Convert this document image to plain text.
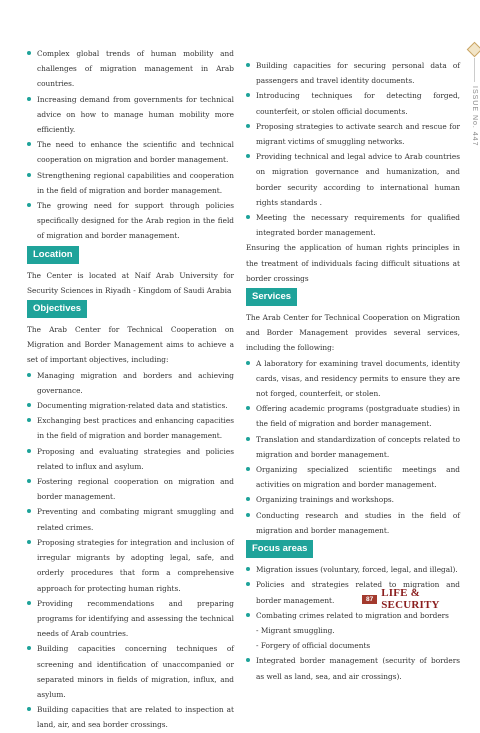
ISSUE No. 447
Complex global trends of human mobility and challenges of migration management in Arab countries.
Increasing demand from governments for technical advice on how to manage human mobility more efficiently.
The need to enhance the scientific and technical cooperation on migration and border management.
Strengthening regional capabilities and cooperation in the field of migration and border management.
The growing need for support through policies specifically designed for the Arab region in the field of migration and border management.
Location

The Center is located at Naif Arab University for Security Sciences in Riyadh - Kingdom of Saudi Arabia

Objectives

The Arab Center for Technical Cooperation on Migration and Border Management aims to achieve a set of important objectives, including:

Managing migration and borders and achieving governance.
Documenting migration-related data and statistics.
Exchanging best practices and enhancing capacities in the field of migration and border management.
Proposing and evaluating strategies and policies related to influx and asylum.
Fostering regional cooperation on migration and border management.
Preventing and combating migrant smuggling and related crimes.
Proposing strategies for integration and inclusion of irregular migrants by adopting legal, safe, and orderly procedures that form a comprehensive approach for protecting human rights.
Providing recommendations and preparing programs for identifying and assessing the technical needs of Arab countries.
Building capacities concerning techniques of screening and identification of unaccompanied or separated minors in fields of migration, influx, and asylum.
Building capacities that are related to inspection at land, air, and sea border crossings.
Building capacities for securing personal data of passengers and travel identity documents.
Introducing techniques for detecting forged, counterfeit, or stolen official documents.
Proposing strategies to activate search and rescue for migrant victims of smuggling networks.
Providing technical and legal advice to Arab countries on migration governance and humanization, and border security according to international human rights standards .
Meeting the necessary requirements for qualified integrated border management.

Ensuring the application of human rights principles in the treatment of individuals facing difficult situations at border crossings

Services

The Arab Center for Technical Cooperation on Migration and Border Management provides several services, including the following:

A laboratory for examining travel documents, identity cards, visas, and residency permits to ensure they are not forged, counterfeit, or stolen.
Offering academic programs (postgraduate studies) in the field of migration and border management.
Translation and standardization of concepts related to migration and border management.
Organizing specialized scientific meetings and activities on migration and border management.
Organizing trainings and workshops.
Conducting research and studies in the field of migration and border management.
Focus areas
Migration issues (voluntary, forced, legal, and illegal).
Policies and strategies related to migration and border management.
Combating crimes related to migration and borders
- Migrant smuggling.
- Forgery of official documents
Integrated border management (security of borders as well as land, sea, and air crossings).
87 LIFE & SECURITY
